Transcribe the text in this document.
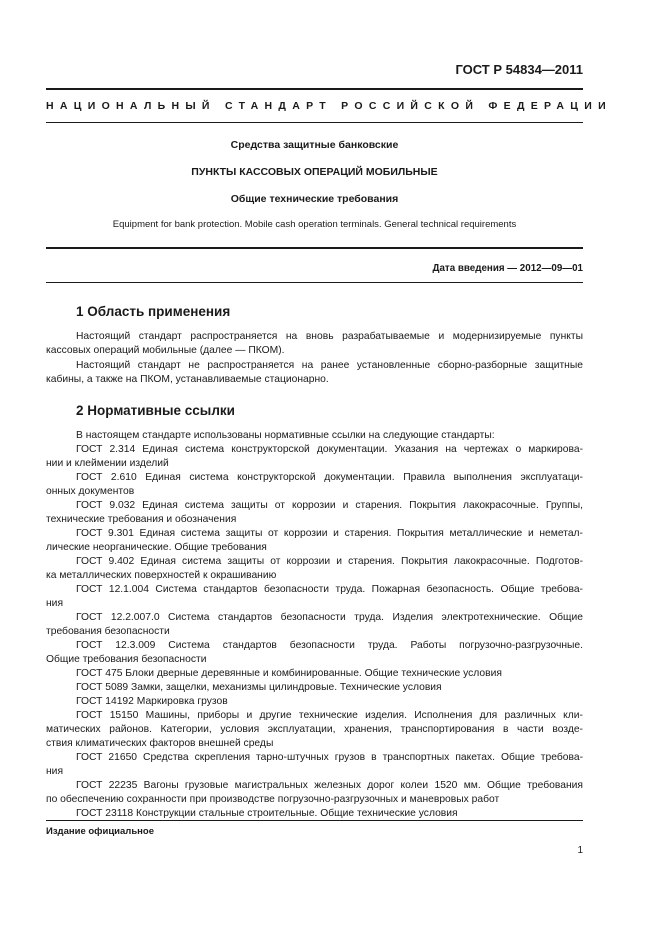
ГОСТ Р 54834—2011
НАЦИОНАЛЬНЫЙ СТАНДАРТ РОССИЙСКОЙ ФЕДЕРАЦИИ
Средства защитные банковские
ПУНКТЫ КАССОВЫХ ОПЕРАЦИЙ МОБИЛЬНЫЕ
Общие технические требования
Equipment for bank protection. Mobile cash operation terminals. General technical requirements
Дата введения — 2012—09—01
1 Область применения
Настоящий стандарт распространяется на вновь разрабатываемые и модернизируемые пункты
кассовых операций мобильные (далее — ПКОМ).
Настоящий стандарт не распространяется на ранее установленные сборно-разборные защитные
кабины, а также на ПКОМ, устанавливаемые стационарно.
2 Нормативные ссылки
В настоящем стандарте использованы нормативные ссылки на следующие стандарты:
ГОСТ 2.314 Единая система конструкторской документации. Указания на чертежах о маркирова-
нии и клеймении изделий
ГОСТ 2.610 Единая система конструкторской документации. Правила выполнения эксплуатаци-
онных документов
ГОСТ 9.032 Единая система защиты от коррозии и старения. Покрытия лакокрасочные. Группы,
технические требования и обозначения
ГОСТ 9.301 Единая система защиты от коррозии и старения. Покрытия металлические и неметал-
лические неорганические. Общие требования
ГОСТ 9.402 Единая система защиты от коррозии и старения. Покрытия лакокрасочные. Подготов-
ка металлических поверхностей к окрашиванию
ГОСТ 12.1.004 Система стандартов безопасности труда. Пожарная безопасность. Общие требова-
ния
ГОСТ 12.2.007.0 Система стандартов безопасности труда. Изделия электротехнические. Общие
требования безопасности
ГОСТ 12.3.009 Система стандартов безопасности труда. Работы погрузочно-разгрузочные.
Общие требования безопасности
ГОСТ 475 Блоки дверные деревянные и комбинированные. Общие технические условия
ГОСТ 5089 Замки, защелки, механизмы цилиндровые. Технические условия
ГОСТ 14192 Маркировка грузов
ГОСТ 15150 Машины, приборы и другие технические изделия. Исполнения для различных кли-
матических районов. Категории, условия эксплуатации, хранения, транспортирования в части возде-
ствия климатических факторов внешней среды
ГОСТ 21650 Средства скрепления тарно-штучных грузов в транспортных пакетах. Общие требова-
ния
ГОСТ 22235 Вагоны грузовые магистральных железных дорог колеи 1520 мм. Общие требования
по обеспечению сохранности при производстве погрузочно-разгрузочных и маневровых работ
ГОСТ 23118 Конструкции стальные строительные. Общие технические условия
Издание официальное
1
